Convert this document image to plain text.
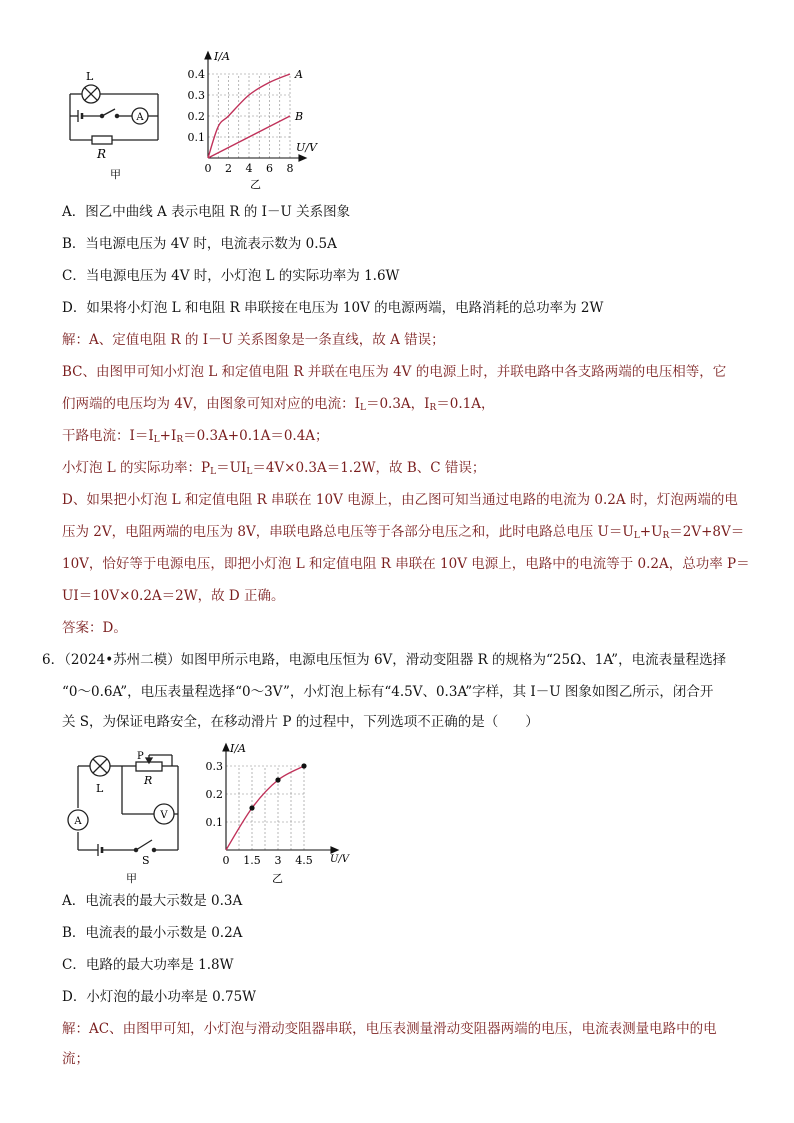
L
A
R
甲
0.4
0.3
0.2
0.1
0 2 4 6 8
I/A
U/V
A
B
乙
A．图乙中曲线 A 表示电阻 R 的 I－U 关系图象
B．当电源电压为 4V 时，电流表示数为 0.5A
C．当电源电压为 4V 时，小灯泡 L 的实际功率为 1.6W
D．如果将小灯泡 L 和电阻 R 串联接在电压为 10V 的电源两端，电路消耗的总功率为 2W
解：A、定值电阻 R 的 I－U 关系图象是一条直线，故 A 错误；
BC、由图甲可知小灯泡 L 和定值电阻 R 并联在电压为 4V 的电源上时，并联电路中各支路两端的电压相等，它
们两端的电压均为 4V，由图象可知对应的电流：$I_L=0.3A$，$I_R=0.1A$，
干路电流：$I=I_L+I_R=0.3A+0.1A=0.4A$；
小灯泡 L 的实际功率：$P_L=UI_L=4V\times 0.3A=1.2W$，故 B、C 错误；
D、如果把小灯泡 L 和定值电阻 R 串联在 10V 电源上，由乙图可知当通过电路的电流为 0.2A 时，灯泡两端的电
压为 2V，电阻两端的电压为 8V，串联电路总电压等于各部分电压之和，此时电路总电压 $U=U_L+U_R=2V+8V=$
10V，恰好等于电源电压，即把小灯泡 L 和定值电阻 R 串联在 10V 电源上，电路中的电流等于 0.2A，总功率 P＝
UI＝10V×0.2A＝2W，故 D 正确。
答案：D。
6．（2024•苏州二模）如图甲所示电路，电源电压恒为 6V，滑动变阻器 R 的规格为“25Ω、1A”，电流表量程选择
“0～0.6A”，电压表量程选择“0～3V”，小灯泡上标有“4.5V、0.3A”字样，其 I－U 图象如图乙所示，闭合开
关 S，为保证电路安全，在移动滑片 P 的过程中，下列选项不正确的是（　　）
L
P
R
V
A
S
甲
0.3
0.2
0.1
0 1.5 3 4.5
I/A
U/V
乙
A．电流表的最大示数是 0.3A
B．电流表的最小示数是 0.2A
C．电路的最大功率是 1.8W
D．小灯泡的最小功率是 0.75W
解：AC、由图甲可知，小灯泡与滑动变阻器串联，电压表测量滑动变阻器两端的电压，电流表测量电路中的电
流；
